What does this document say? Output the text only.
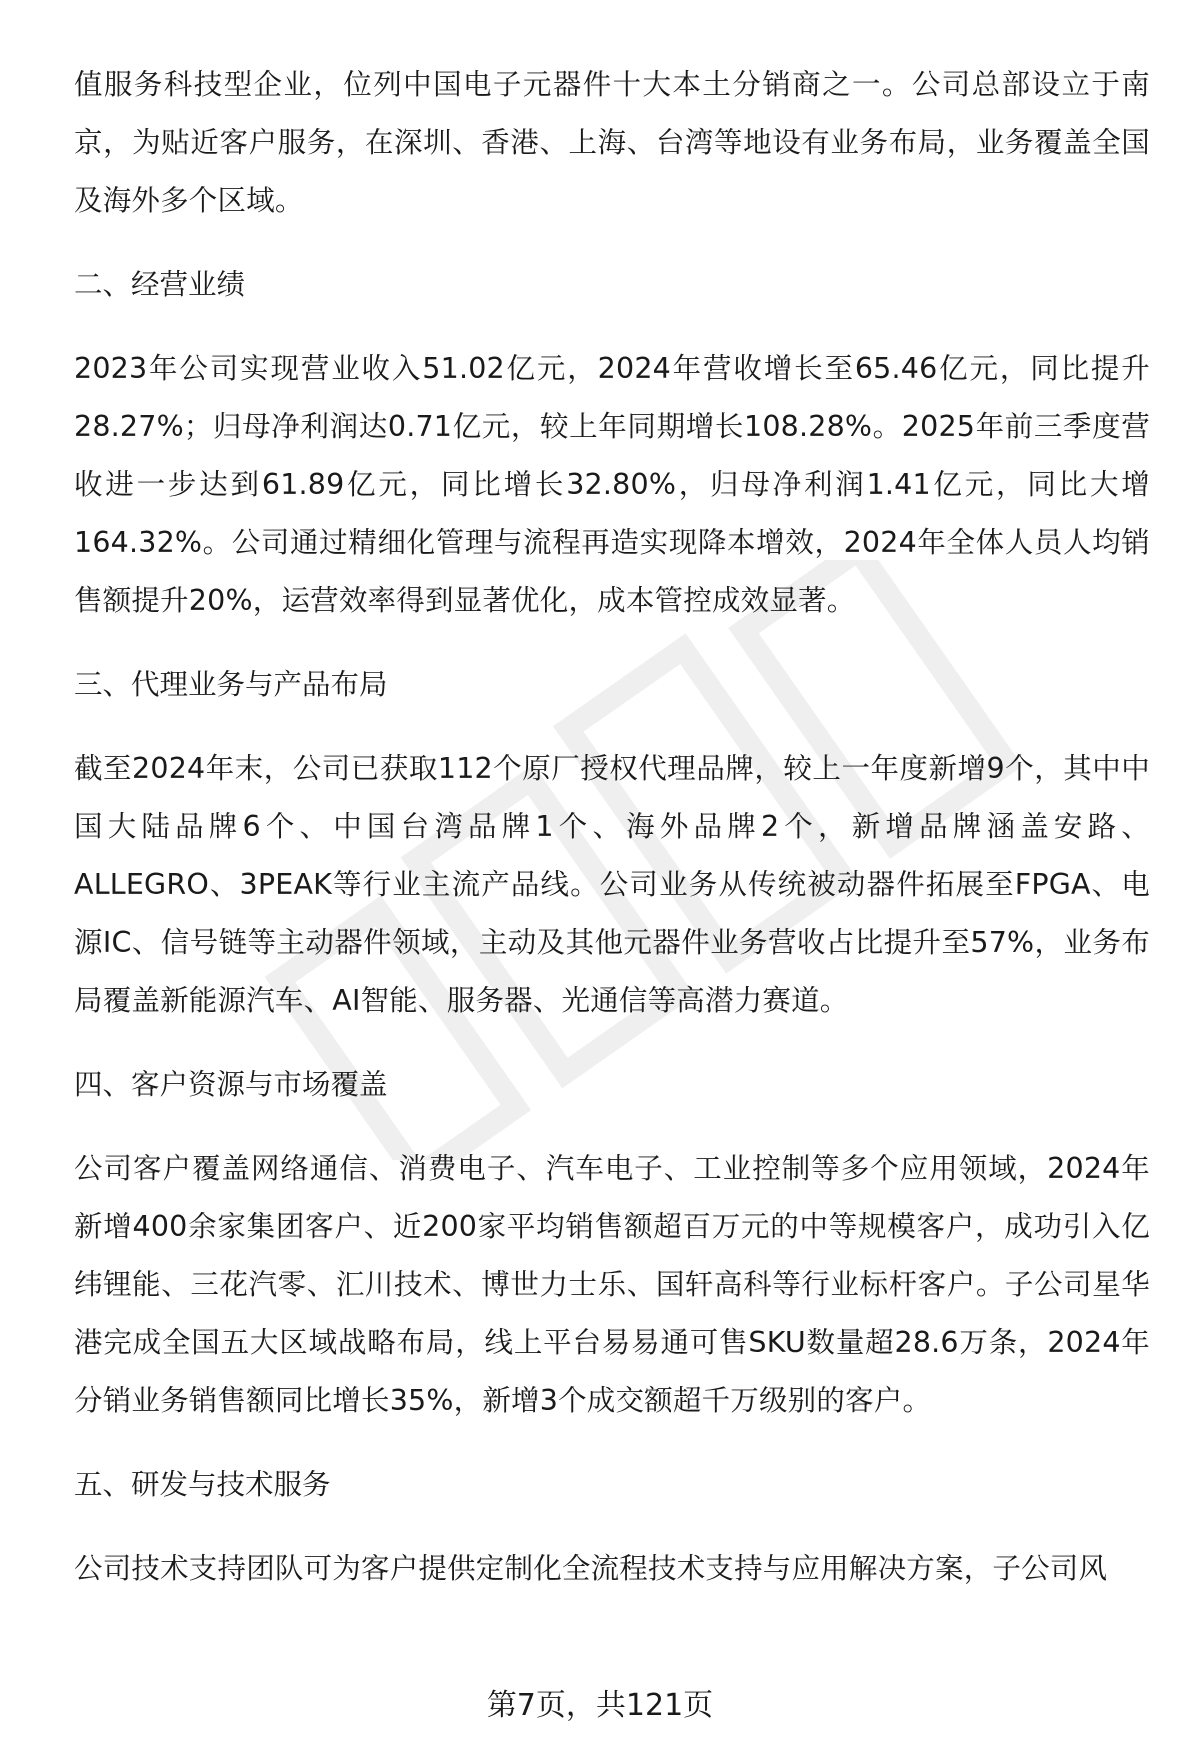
值服务科技型企业，位列中国电子元器件十大本土分销商之一。公司总部设立于南京，为贴近客户服务，在深圳、香港、上海、台湾等地设有业务布局，业务覆盖全国及海外多个区域。

二、经营业绩

2023年公司实现营业收入51.02亿元，2024年营收增长至65.46亿元，同比提升28.27%；归母净利润达0.71亿元，较上年同期增长108.28%。2025年前三季度营收进一步达到61.89亿元，同比增长32.80%，归母净利润1.41亿元，同比大增164.32%。公司通过精细化管理与流程再造实现降本增效，2024年全体人员人均销售额提升20%，运营效率得到显著优化，成本管控成效显著。

三、代理业务与产品布局

截至2024年末，公司已获取112个原厂授权代理品牌，较上一年度新增9个，其中中国大陆品牌6个、中国台湾品牌1个、海外品牌2个，新增品牌涵盖安路、ALLEGRO、3PEAK等行业主流产品线。公司业务从传统被动器件拓展至FPGA、电源IC、信号链等主动器件领域，主动及其他元器件业务营收占比提升至57%，业务布局覆盖新能源汽车、AI智能、服务器、光通信等高潜力赛道。

四、客户资源与市场覆盖

公司客户覆盖网络通信、消费电子、汽车电子、工业控制等多个应用领域，2024年新增400余家集团客户、近200家平均销售额超百万元的中等规模客户，成功引入亿纬锂能、三花汽零、汇川技术、博世力士乐、国轩高科等行业标杆客户。子公司星华港完成全国五大区域战略布局，线上平台易易通可售SKU数量超28.6万条，2024年分销业务销售额同比增长35%，新增3个成交额超千万级别的客户。

五、研发与技术服务

公司技术支持团队可为客户提供定制化全流程技术支持与应用解决方案，子公司风

第7页，共121页
